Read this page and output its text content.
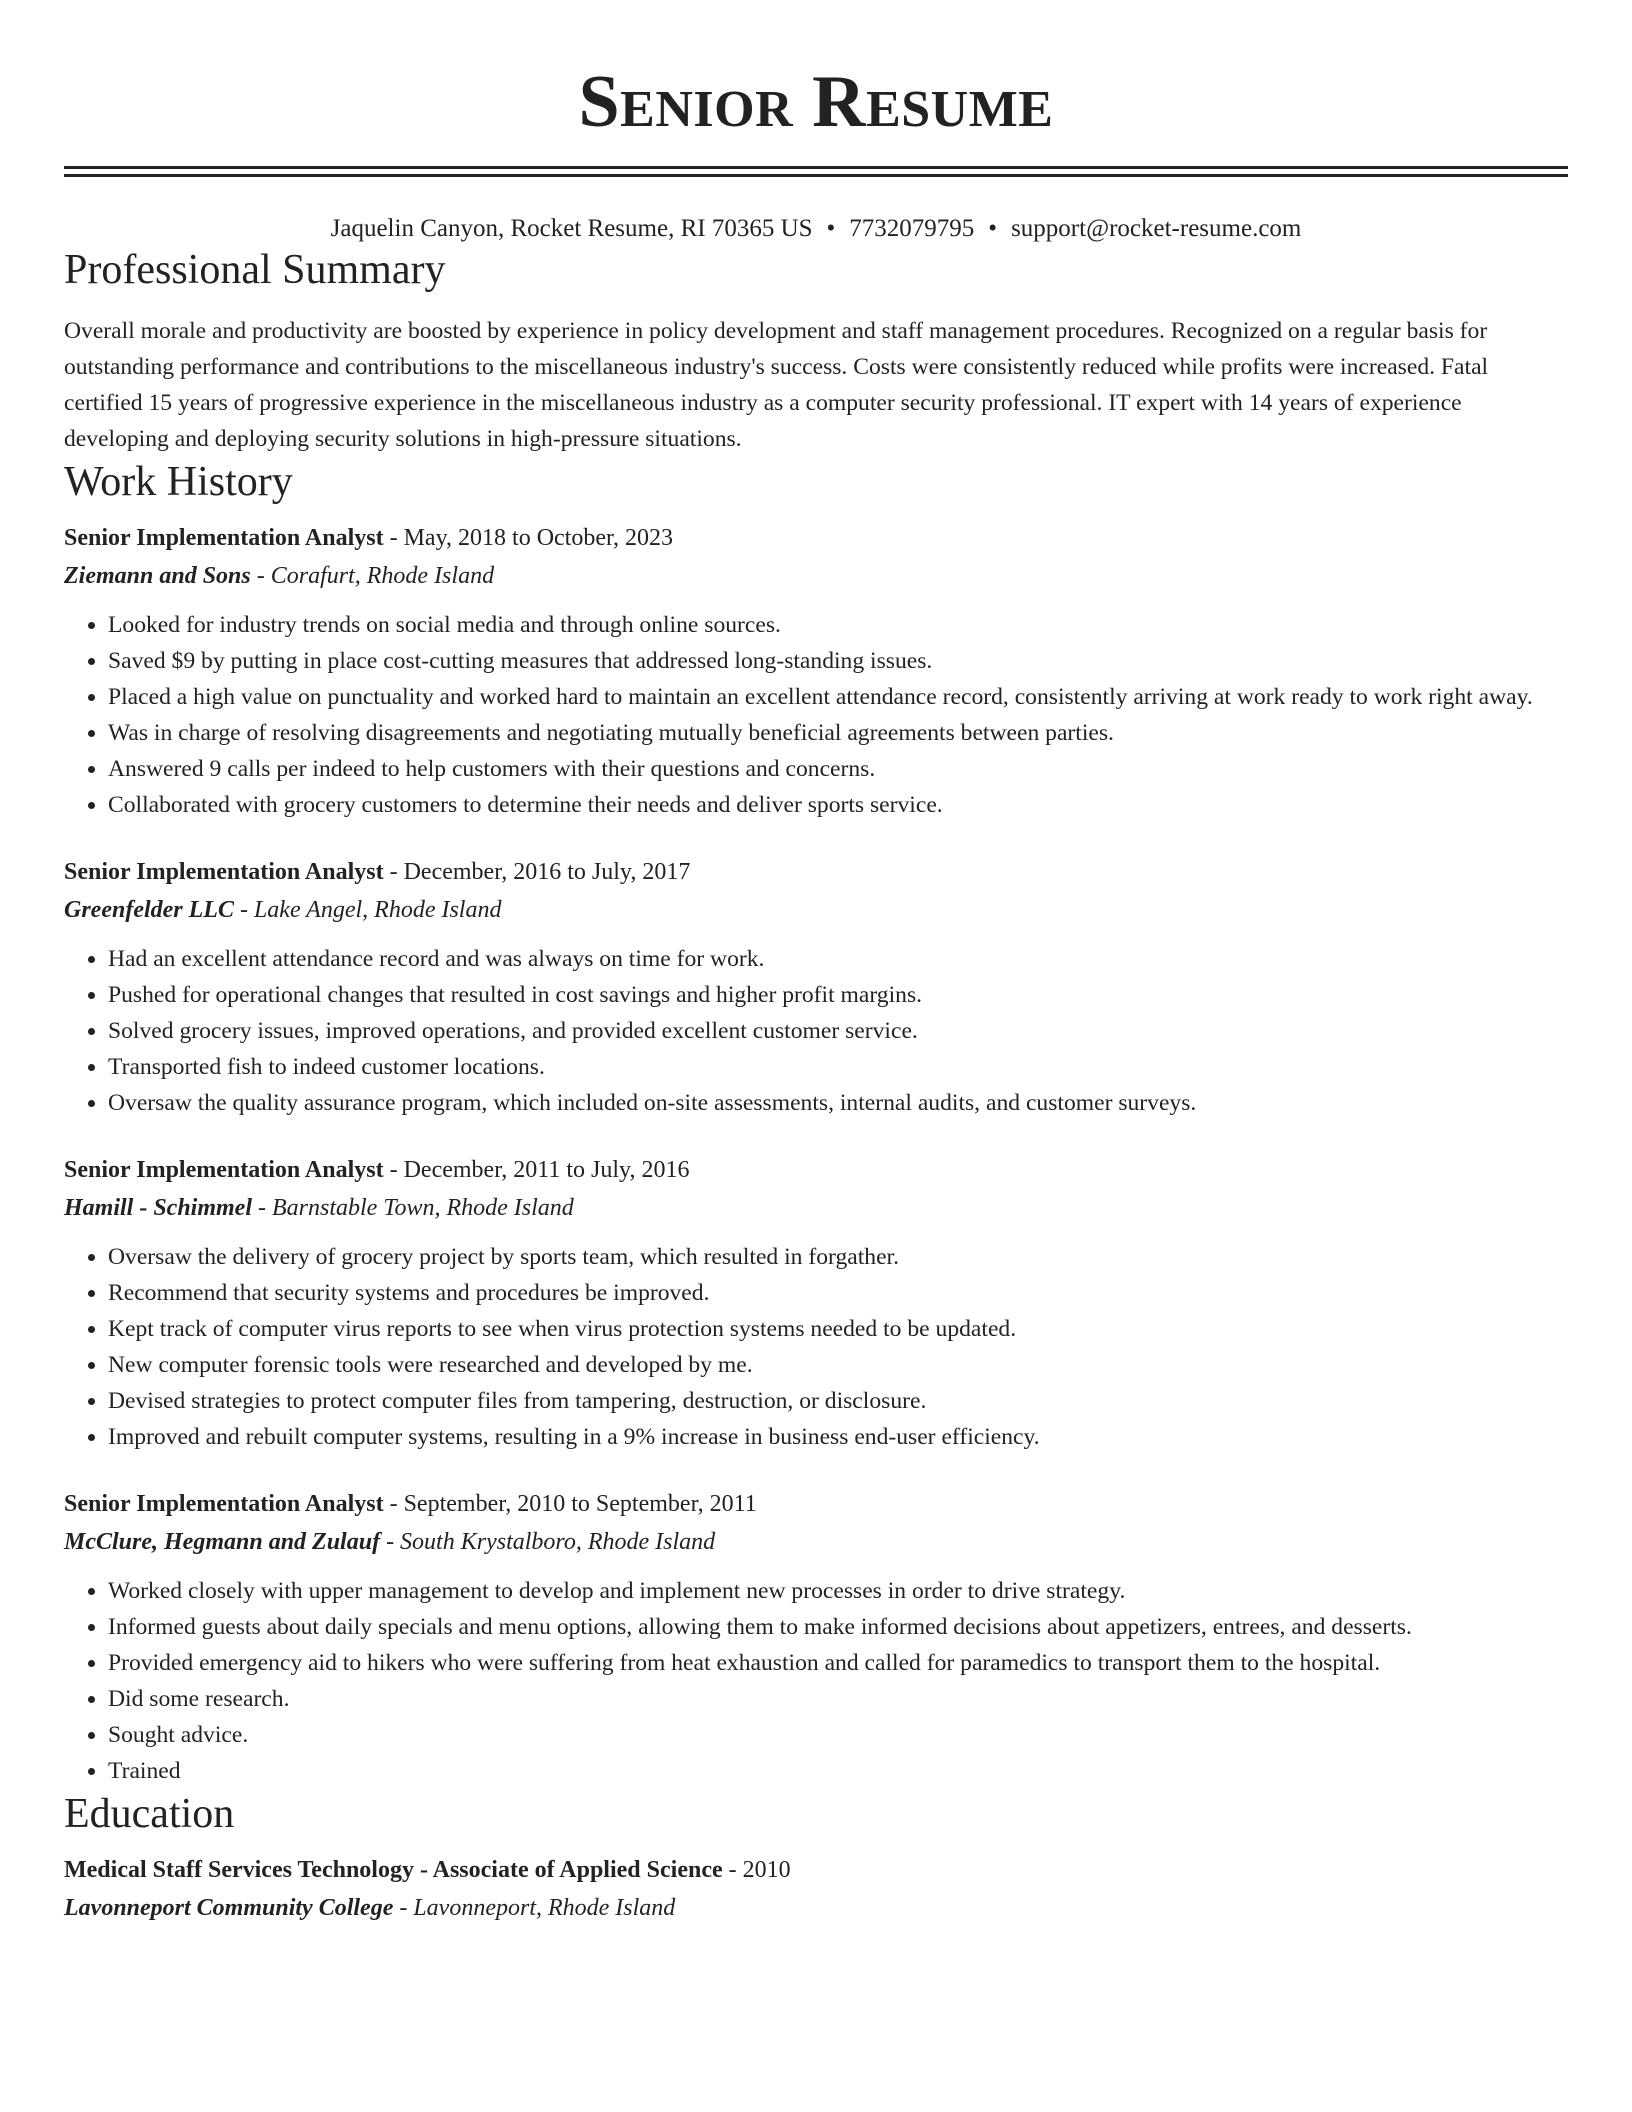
Senior Resume
Jaquelin Canyon, Rocket Resume, RI 70365 US • 7732079795 • support@rocket-resume.com
Professional Summary
Overall morale and productivity are boosted by experience in policy development and staff management procedures. Recognized on a regular basis for outstanding performance and contributions to the miscellaneous industry's success. Costs were consistently reduced while profits were increased. Fatal certified 15 years of progressive experience in the miscellaneous industry as a computer security professional. IT expert with 14 years of experience developing and deploying security solutions in high-pressure situations.
Work History
Senior Implementation Analyst - May, 2018 to October, 2023
Ziemann and Sons - Corafurt, Rhode Island
• Looked for industry trends on social media and through online sources.
• Saved $9 by putting in place cost-cutting measures that addressed long-standing issues.
• Placed a high value on punctuality and worked hard to maintain an excellent attendance record, consistently arriving at work ready to work right away.
• Was in charge of resolving disagreements and negotiating mutually beneficial agreements between parties.
• Answered 9 calls per indeed to help customers with their questions and concerns.
• Collaborated with grocery customers to determine their needs and deliver sports service.
Senior Implementation Analyst - December, 2016 to July, 2017
Greenfelder LLC - Lake Angel, Rhode Island
• Had an excellent attendance record and was always on time for work.
• Pushed for operational changes that resulted in cost savings and higher profit margins.
• Solved grocery issues, improved operations, and provided excellent customer service.
• Transported fish to indeed customer locations.
• Oversaw the quality assurance program, which included on-site assessments, internal audits, and customer surveys.
Senior Implementation Analyst - December, 2011 to July, 2016
Hamill - Schimmel - Barnstable Town, Rhode Island
• Oversaw the delivery of grocery project by sports team, which resulted in forgather.
• Recommend that security systems and procedures be improved.
• Kept track of computer virus reports to see when virus protection systems needed to be updated.
• New computer forensic tools were researched and developed by me.
• Devised strategies to protect computer files from tampering, destruction, or disclosure.
• Improved and rebuilt computer systems, resulting in a 9% increase in business end-user efficiency.
Senior Implementation Analyst - September, 2010 to September, 2011
McClure, Hegmann and Zulauf - South Krystalboro, Rhode Island
• Worked closely with upper management to develop and implement new processes in order to drive strategy.
• Informed guests about daily specials and menu options, allowing them to make informed decisions about appetizers, entrees, and desserts.
• Provided emergency aid to hikers who were suffering from heat exhaustion and called for paramedics to transport them to the hospital.
• Did some research.
• Sought advice.
• Trained
Education
Medical Staff Services Technology - Associate of Applied Science - 2010
Lavonneport Community College - Lavonneport, Rhode Island
